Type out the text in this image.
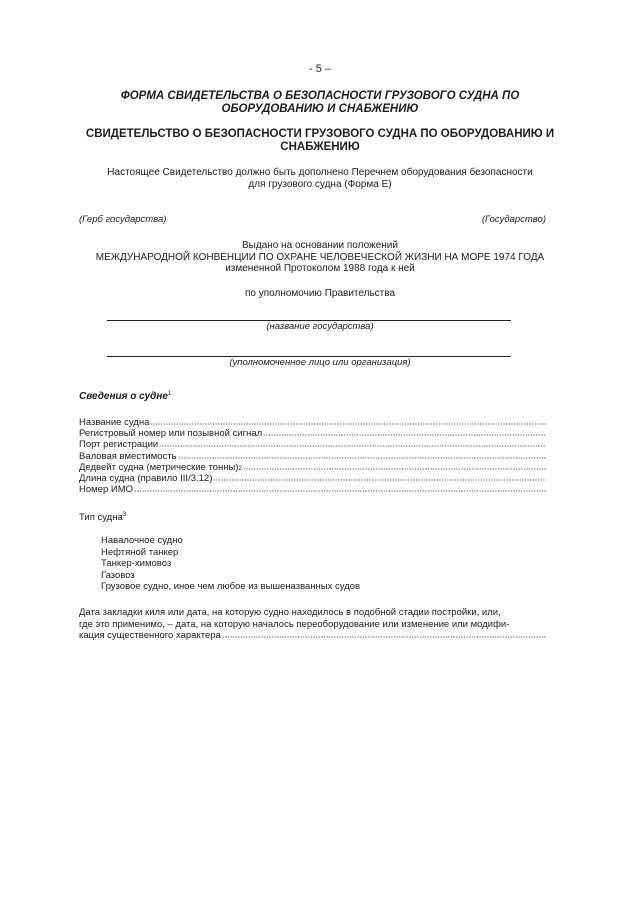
- 5 –
ФОРМА СВИДЕТЕЛЬСТВА О БЕЗОПАСНОСТИ ГРУЗОВОГО СУДНА ПО
ОБОРУДОВАНИЮ И СНАБЖЕНИЮ
СВИДЕТЕЛЬСТВО О БЕЗОПАСНОСТИ ГРУЗОВОГО СУДНА ПО ОБОРУДОВАНИЮ И
СНАБЖЕНИЮ
Настоящее Свидетельство должно быть дополнено Перечнем оборудования безопасности
для грузового судна (Форма Е)
(Герб государства)	(Государство)
Выдано на основании положений
МЕЖДУНАРОДНОЙ КОНВЕНЦИИ ПО ОХРАНЕ ЧЕЛОВЕЧЕСКОЙ ЖИЗНИ НА МОРЕ 1974 ГОДА
измененной Протоколом 1988 года к ней
по уполномочию Правительства
(название государства)
(уполномоченное лицо или организация)
Сведения о судне$^1$
Название судна
Регистровый номер или позывной сигнал
Порт регистрации
Валовая вместимость
Дедвейт судна (метрические тонны) 2
Длина судна (правило III/3.12)
Номер ИМО
Тип судна$^3$
Навалочное судно
Нефтяной танкер
Танкер-химовоз
Газовоз
Грузовое судно, иное чем любое из вышеназванных судов
Дата закладки киля или дата, на которую судно находилось в подобной стадии постройки, или,
где это применимо, – дата, на которую началось переоборудование или изменение или модифи-
кация существенного характера
